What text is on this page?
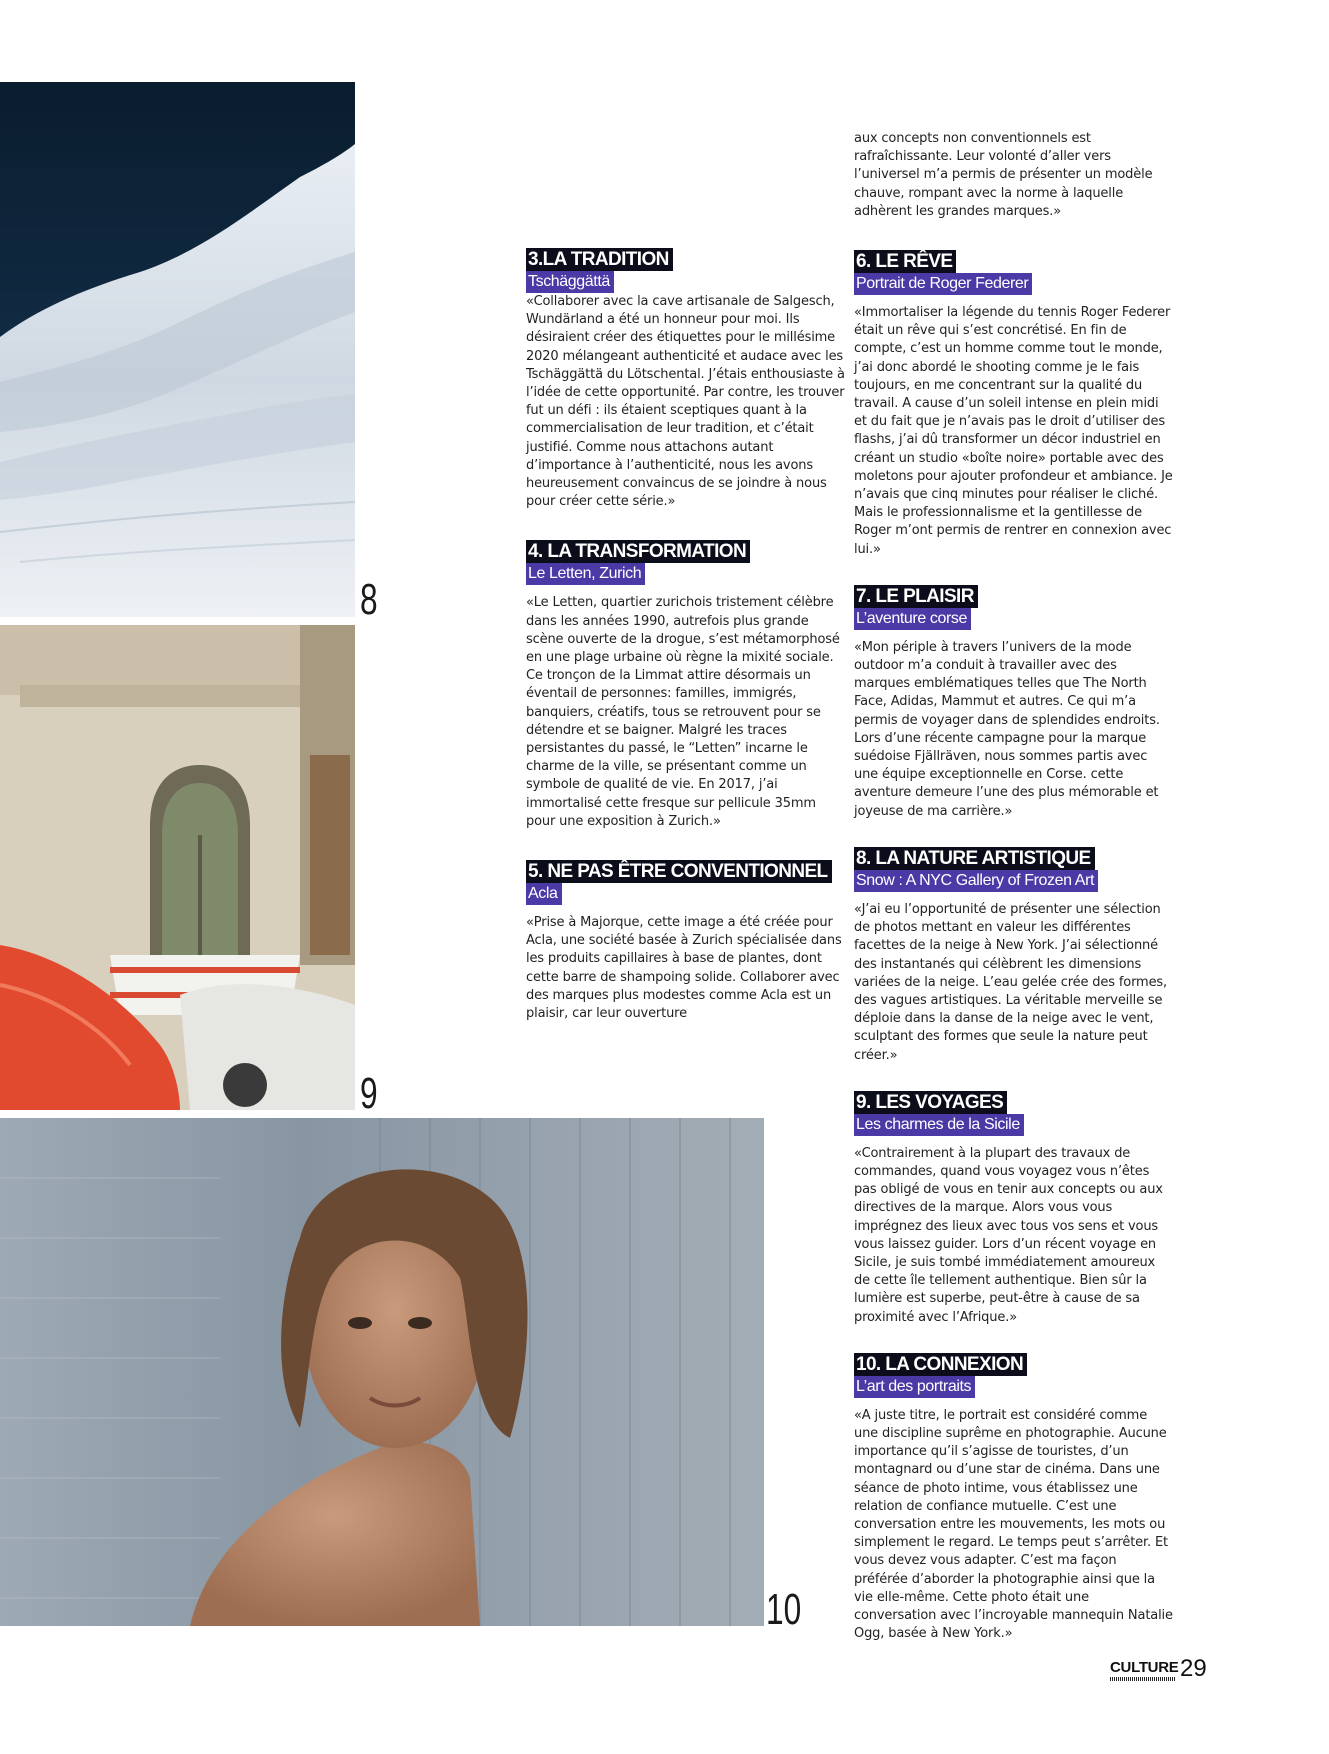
8
9
10
3.LA TRADITION
Tschäggättä

«Collaborer avec la cave artisanale de Salgesch, Wundärland a été un honneur pour moi. Ils désiraient créer des étiquettes pour le millésime 2020 mélangeant authenticité et audace avec les Tschäggättä du Lötschental. J’étais enthousiaste à l’idée de cette opportunité. Par contre, les trouver fut un défi : ils étaient sceptiques quant à la commercialisation de leur tradition, et c’était justifié. Comme nous attachons autant d’importance à l’authenticité, nous les avons heureusement convaincus de se joindre à nous pour créer cette série.»

4. LA TRANSFORMATION
Le Letten, Zurich

«Le Letten, quartier zurichois tristement célèbre dans les années 1990, autrefois plus grande scène ouverte de la drogue, s’est métamorphosé en une plage urbaine où règne la mixité sociale. Ce tronçon de la Limmat attire désormais un éventail de personnes: familles, immigrés, banquiers, créatifs, tous se retrouvent pour se détendre et se baigner. Malgré les traces persistantes du passé, le “Letten” incarne le charme de la ville, se présentant comme un symbole de qualité de vie. En 2017, j’ai immortalisé cette fresque sur pellicule 35mm pour une exposition à Zurich.»

5. NE PAS ÊTRE CONVENTIONNEL
Acla

«Prise à Majorque, cette image a été créée pour Acla, une société basée à Zurich spécialisée dans les produits capillaires à base de plantes, dont cette barre de shampoing solide. Collaborer avec des marques plus modestes comme Acla est un plaisir, car leur ouverture

aux concepts non conventionnels est rafraîchissante. Leur volonté d’aller vers l’universel m’a permis de présenter un modèle chauve, rompant avec la norme à laquelle adhèrent les grandes marques.»

6. LE RÊVE
Portrait de Roger Federer

«Immortaliser la légende du tennis Roger Federer était un rêve qui s’est concrétisé. En fin de compte, c’est un homme comme tout le monde, j’ai donc abordé le shooting comme je le fais toujours, en me concentrant sur la qualité du travail. A cause d’un soleil intense en plein midi et du fait que je n’avais pas le droit d’utiliser des flashs, j’ai dû transformer un décor industriel en créant un studio «boîte noire» portable avec des moletons pour ajouter profondeur et ambiance. Je n’avais que cinq minutes pour réaliser le cliché. Mais le professionnalisme et la gentillesse de Roger m’ont permis de rentrer en connexion avec lui.»

7. LE PLAISIR
L’aventure corse

«Mon périple à travers l’univers de la mode outdoor m’a conduit à travailler avec des marques emblématiques telles que The North Face, Adidas, Mammut et autres. Ce qui m’a permis de voyager dans de splendides endroits. Lors d’une récente campagne pour la marque suédoise Fjällräven, nous sommes partis avec une équipe exceptionnelle en Corse. cette aventure demeure l’une des plus mémorable et joyeuse de ma carrière.»

8. LA NATURE ARTISTIQUE
Snow : A NYC Gallery of Frozen Art

«J’ai eu l’opportunité de présenter une sélection de photos mettant en valeur les différentes facettes de la neige à New York. J’ai sélectionné des instantanés qui célèbrent les dimensions variées de la neige. L’eau gelée crée des formes, des vagues artistiques. La véritable merveille se déploie dans la danse de la neige avec le vent, sculptant des formes que seule la nature peut créer.»

9. LES VOYAGES
Les charmes de la Sicile

«Contrairement à la plupart des travaux de commandes, quand vous voyagez vous n’êtes pas obligé de vous en tenir aux concepts ou aux directives de la marque. Alors vous vous imprégnez des lieux avec tous vos sens et vous vous laissez guider. Lors d’un récent voyage en Sicile, je suis tombé immédiatement amoureux de cette île tellement authentique. Bien sûr la lumière est superbe, peut-être à cause de sa proximité avec l’Afrique.»

10. LA CONNEXION
L’art des portraits

«A juste titre, le portrait est considéré comme une discipline suprême en photographie. Aucune importance qu’il s’agisse de touristes, d’un montagnard ou d’une star de cinéma. Dans une séance de photo intime, vous établissez une relation de confiance mutuelle. C’est une conversation entre les mouvements, les mots ou simplement le regard. Le temps peut s’arrêter. Et vous devez vous adapter. C’est ma façon préférée d’aborder la photographie ainsi que la vie elle-même. Cette photo était une conversation avec l’incroyable mannequin Natalie Ogg, basée à New York.»

CULTURE 29
